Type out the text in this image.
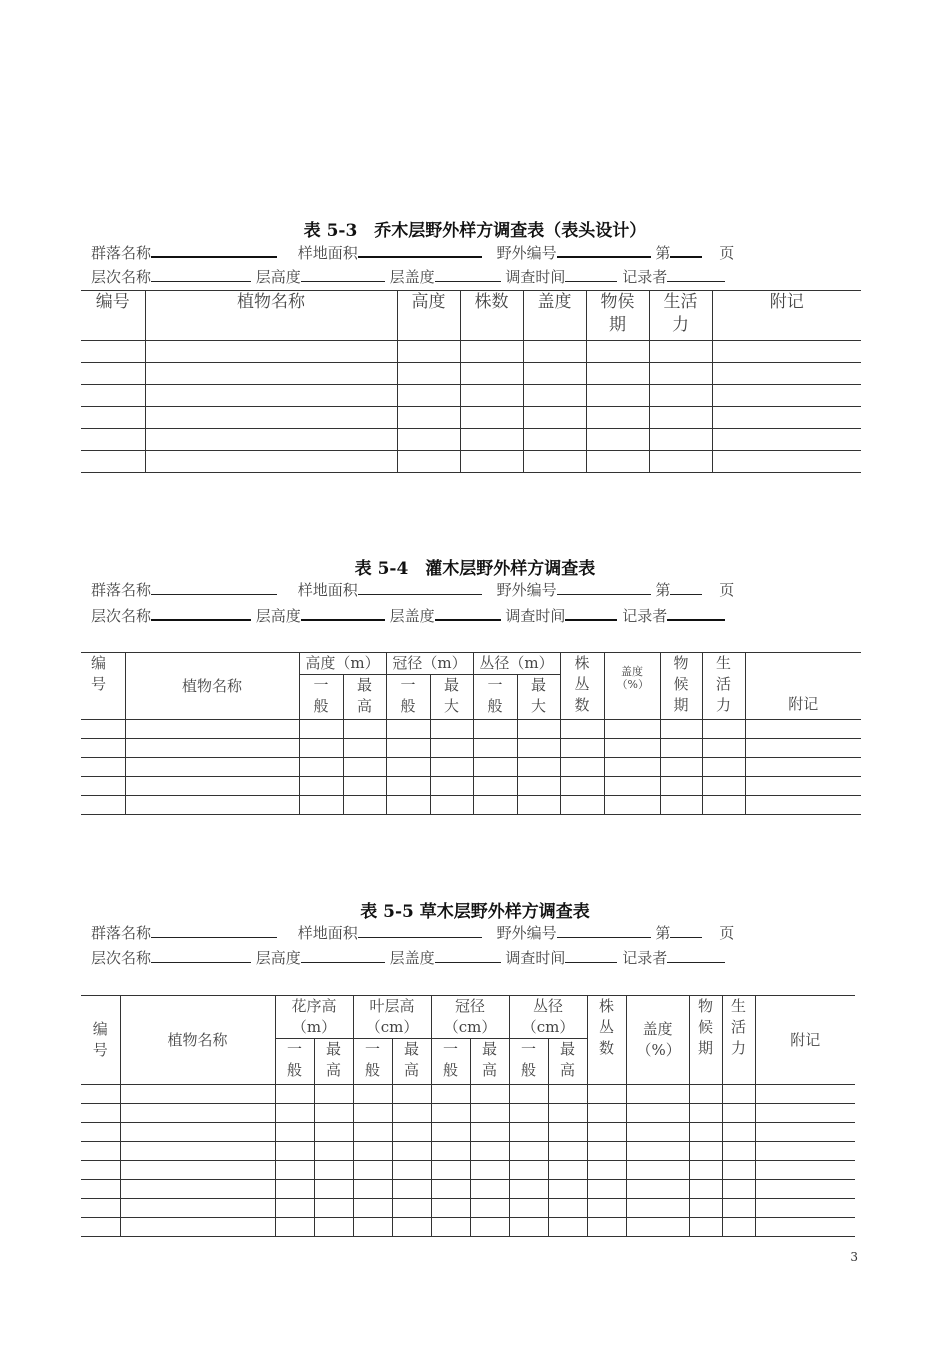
表 5-3　乔木层野外样方调查表（表头设计）
群落名称	样地面积	野外编号	第	页
层次名称	层高度	层盖度	调查时间	记录者
编号	植物名称	高度	株数	盖度	物侯期	生活力	附记

表 5-4　灌木层野外样方调查表
群落名称	样地面积	野外编号	第	页
层次名称	层高度	层盖度	调查时间	记录者
编号	植物名称	高度（m）		冠径（m）		丛径（m）		株丛数	盖度（%）	物候期	生活力	附记
		一般	最高	一般	最大	一般	最大					

表 5-5 草木层野外样方调查表
群落名称	样地面积	野外编号	第	页
层次名称	层高度	层盖度	调查时间	记录者
编号	植物名称	花序高（m）		叶层高（cm）		冠径（cm）		丛径（cm）		株丛数	盖度（%）	物候期	生活力	附记
		一般	最高	一般	最高	一般	最高	一般	最高					

3
